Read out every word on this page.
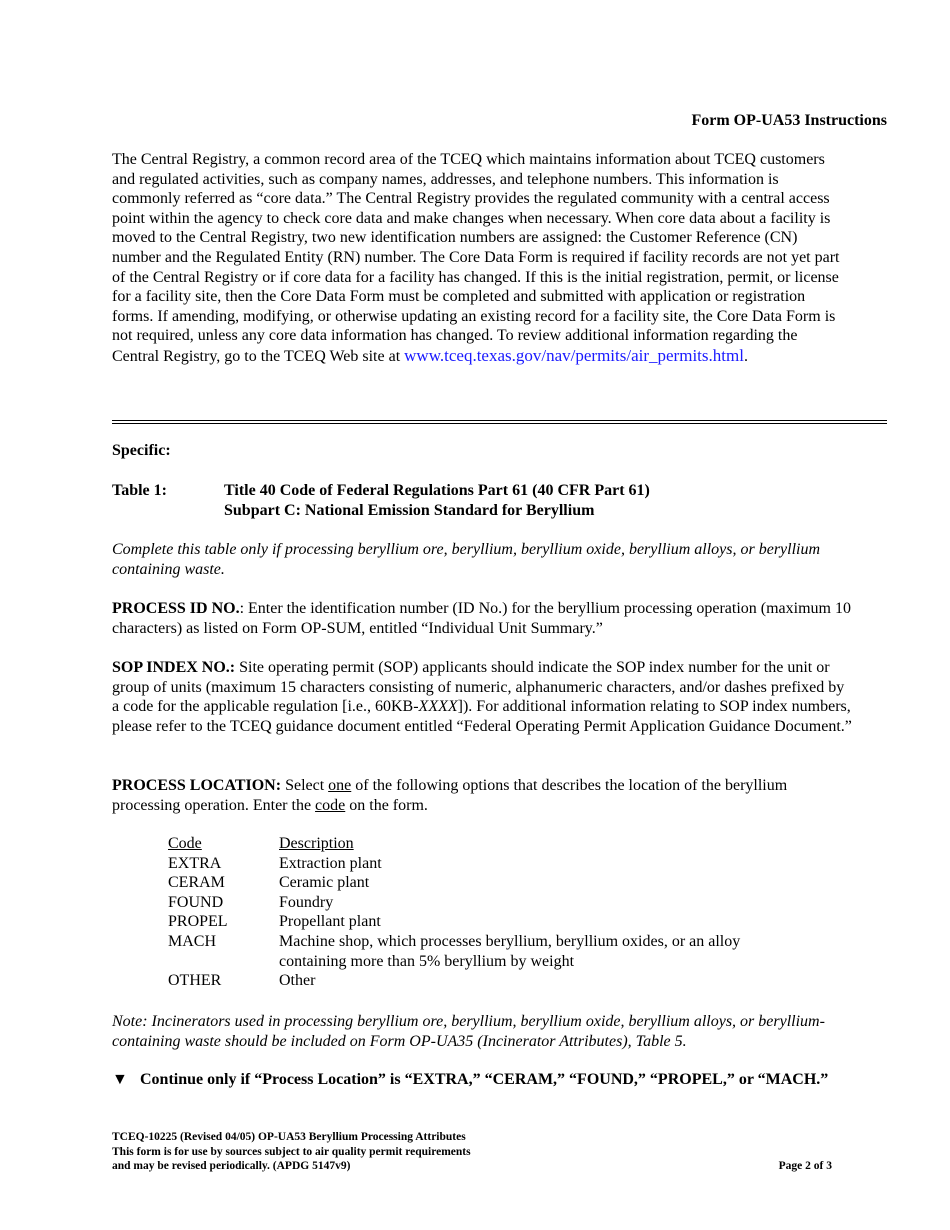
Form OP-UA53 Instructions
The Central Registry, a common record area of the TCEQ which maintains information about TCEQ customers and regulated activities, such as company names, addresses, and telephone numbers. This information is commonly referred as “core data.” The Central Registry provides the regulated community with a central access point within the agency to check core data and make changes when necessary. When core data about a facility is moved to the Central Registry, two new identification numbers are assigned: the Customer Reference (CN) number and the Regulated Entity (RN) number. The Core Data Form is required if facility records are not yet part of the Central Registry or if core data for a facility has changed. If this is the initial registration, permit, or license for a facility site, then the Core Data Form must be completed and submitted with application or registration forms. If amending, modifying, or otherwise updating an existing record for a facility site, the Core Data Form is not required, unless any core data information has changed. To review additional information regarding the Central Registry, go to the TCEQ Web site at www.tceq.texas.gov/nav/permits/air_permits.html.
Specific:
Table 1:	Title 40 Code of Federal Regulations Part 61 (40 CFR Part 61)
Subpart C: National Emission Standard for Beryllium

Complete this table only if processing beryllium ore, beryllium, beryllium oxide, beryllium alloys, or beryllium containing waste.

PROCESS ID NO.: Enter the identification number (ID No.) for the beryllium processing operation (maximum 10 characters) as listed on Form OP-SUM, entitled “Individual Unit Summary.”

SOP INDEX NO.: Site operating permit (SOP) applicants should indicate the SOP index number for the unit or group of units (maximum 15 characters consisting of numeric, alphanumeric characters, and/or dashes prefixed by a code for the applicable regulation [i.e., 60KB-XXXX]). For additional information relating to SOP index numbers, please refer to the TCEQ guidance document entitled “Federal Operating Permit Application Guidance Document.”

PROCESS LOCATION: Select one of the following options that describes the location of the beryllium processing operation. Enter the code on the form.

Code	Description
EXTRA	Extraction plant
CERAM	Ceramic plant
FOUND	Foundry
PROPEL	Propellant plant
MACH	Machine shop, which processes beryllium, beryllium oxides, or an alloy containing more than 5% beryllium by weight
OTHER	Other

Note: Incinerators used in processing beryllium ore, beryllium, beryllium oxide, beryllium alloys, or beryllium- containing waste should be included on Form OP-UA35 (Incinerator Attributes), Table 5.

▼ Continue only if “Process Location” is “EXTRA,” “CERAM,” “FOUND,” “PROPEL,” or “MACH.”
TCEQ-10225 (Revised 04/05) OP-UA53 Beryllium Processing Attributes
This form is for use by sources subject to air quality permit requirements
and may be revised periodically. (APDG 5147v9)	Page 2 of 3
